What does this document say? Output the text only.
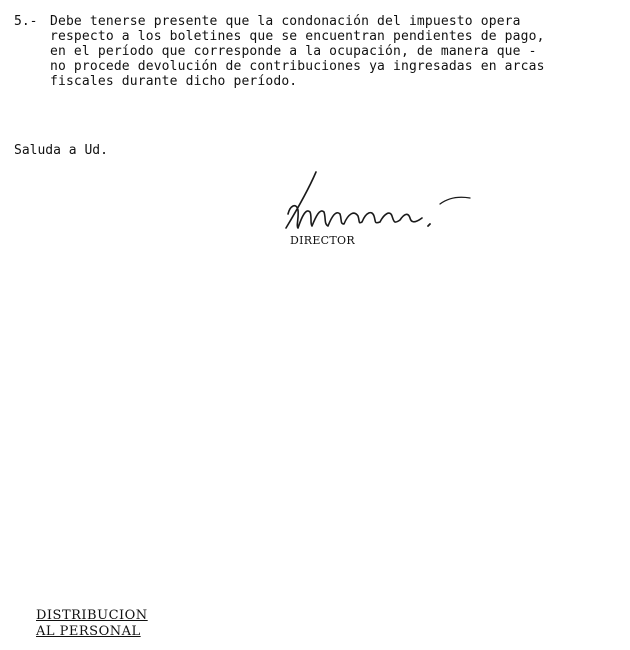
5.- Debe tenerse presente que la condonación del impuesto opera
respecto a los boletines que se encuentran pendientes de pago,
en el período que corresponde a la ocupación, de manera que -
no procede devolución de contribuciones ya ingresadas en arcas
fiscales durante dicho período.
Saluda a Ud.
DIRECTOR
DISTRIBUCION
AL PERSONAL
